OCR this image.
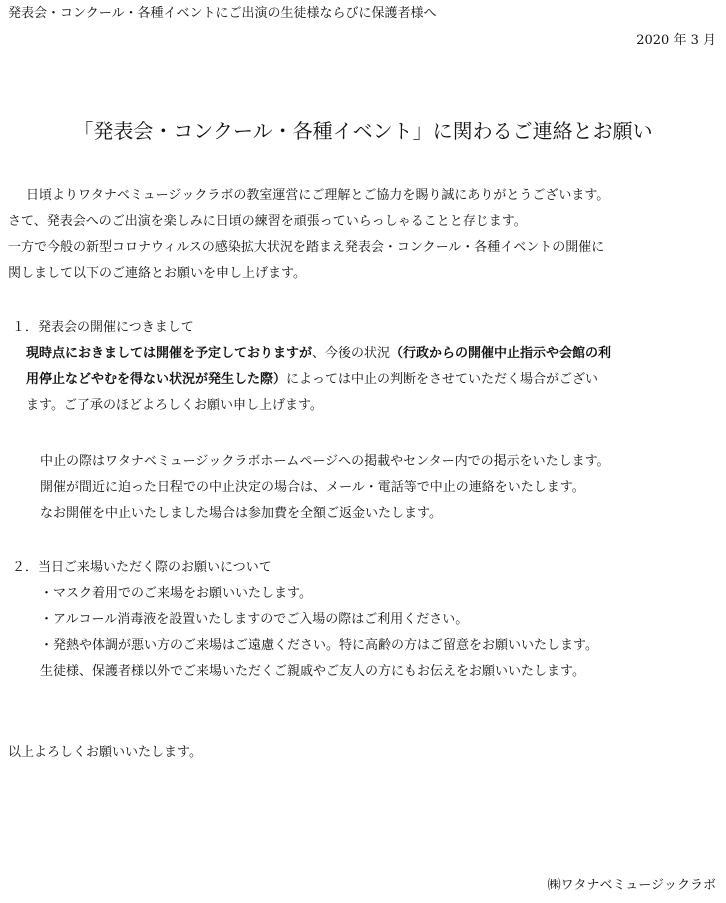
発表会・コンクール・各種イベントにご出演の生徒様ならびに保護者様へ
2020 年 3 月
「発表会・コンクール・各種イベント」に関わるご連絡とお願い
日頃よりワタナベミュージックラボの教室運営にご理解とご協力を賜り誠にありがとうございます。
さて、発表会へのご出演を楽しみに日頃の練習を頑張っていらっしゃることと存じます。
一方で今般の新型コロナウィルスの感染拡大状況を踏まえ発表会・コンクール・各種イベントの開催に
関しまして以下のご連絡とお願いを申し上げます。
１．発表会の開催につきまして
現時点におきましては開催を予定しておりますが、今後の状況（行政からの開催中止指示や会館の利
用停止などやむを得ない状況が発生した際）によっては中止の判断をさせていただく場合がござい
ます。ご了承のほどよろしくお願い申し上げます。
中止の際はワタナベミュージックラボホームページへの掲載やセンター内での掲示をいたします。
開催が間近に迫った日程での中止決定の場合は、メール・電話等で中止の連絡をいたします。
なお開催を中止いたしました場合は参加費を全額ご返金いたします。
２．当日ご来場いただく際のお願いについて
・マスク着用でのご来場をお願いいたします。
・アルコール消毒液を設置いたしますのでご入場の際はご利用ください。
・発熱や体調が悪い方のご来場はご遠慮ください。特に高齢の方はご留意をお願いいたします。
生徒様、保護者様以外でご来場いただくご親戚やご友人の方にもお伝えをお願いいたします。
以上よろしくお願いいたします。
㈱ワタナベミュージックラボ
